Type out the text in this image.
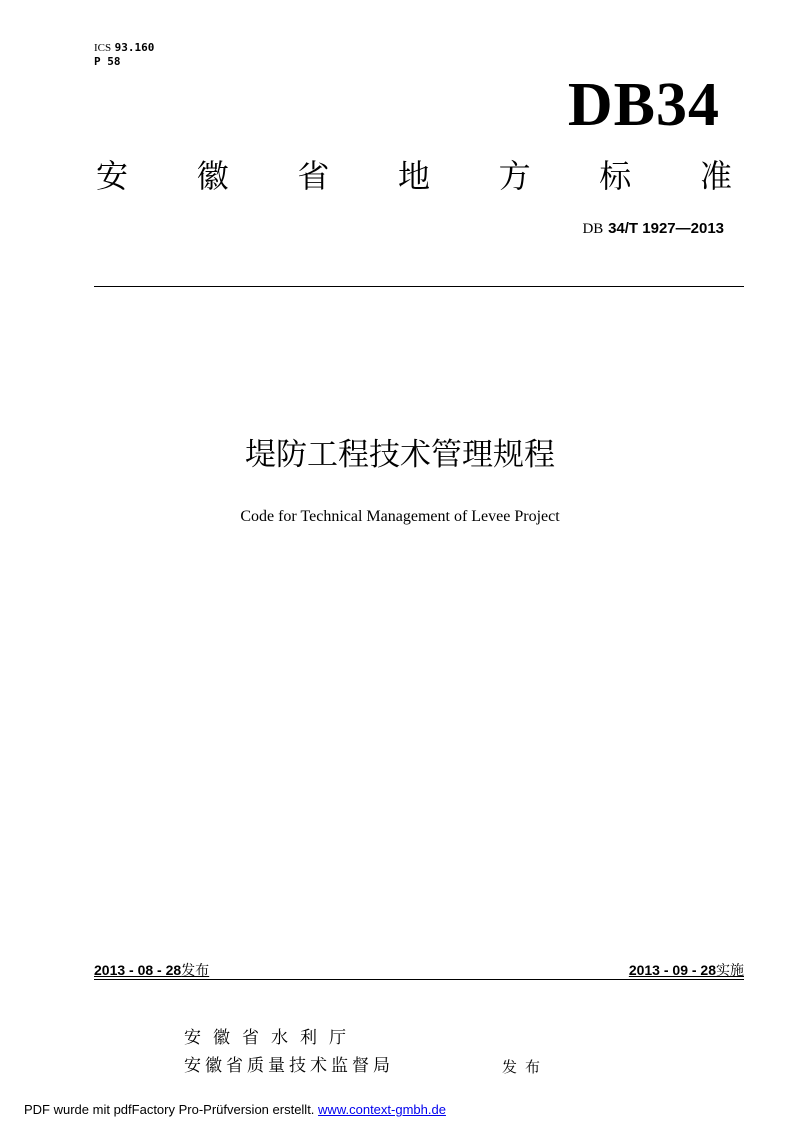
ICS 93.160
P 58
DB34
安 徽 省 地 方 标 准
DB 34/T 1927—2013
堤防工程技术管理规程
Code for Technical Management of Levee Project
2013 - 08 - 28发布	2013 - 09 - 28实施
安徽省水利厅
安徽省质量技术监督局	发布
PDF wurde mit pdfFactory Pro-Prüfversion erstellt. www.context-gmbh.de
